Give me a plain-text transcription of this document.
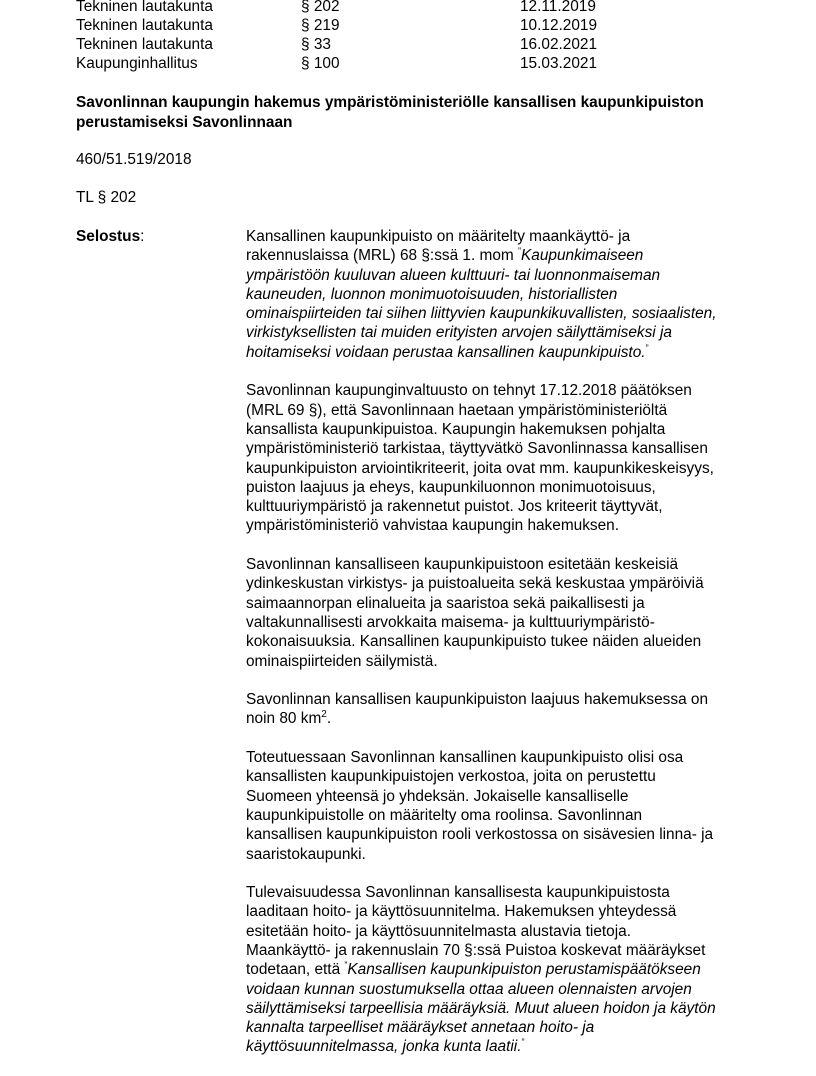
Tekninen lautakunta	§ 202	12.11.2019
Tekninen lautakunta	§ 219	10.12.2019
Tekninen lautakunta	§ 33	16.02.2021
Kaupunginhallitus	§ 100	15.03.2021
Savonlinnan kaupungin hakemus ympäristöministeriölle kansallisen kaupunkipuiston
perustamiseksi Savonlinnaan
460/51.519/2018
TL § 202
Selostus:	Kansallinen kaupunkipuisto on määritelty maankäyttö- ja
rakennuslaissa (MRL) 68 §:ssä 1. mom ”Kaupunkimaiseen
ympäristöön kuuluvan alueen kulttuuri- tai luonnonmaiseman
kauneuden, luonnon monimuotoisuuden, historiallisten
ominaispiirteiden tai siihen liittyvien kaupunkikuvallisten, sosiaalisten,
virkistyksellisten tai muiden erityisten arvojen säilyttämiseksi ja
hoitamiseksi voidaan perustaa kansallinen kaupunkipuisto.”
Savonlinnan kaupunginvaltuusto on tehnyt 17.12.2018 päätöksen
(MRL 69 §), että Savonlinnaan haetaan ympäristöministeriöltä
kansallista kaupunkipuistoa. Kaupungin hakemuksen pohjalta
ympäristöministeriö tarkistaa, täyttyvätkö Savonlinnassa kansallisen
kaupunkipuiston arviointikriteerit, joita ovat mm. kaupunkikeskeisyys,
puiston laajuus ja eheys, kaupunkiluonnon monimuotoisuus,
kulttuuriympäristö ja rakennetut puistot. Jos kriteerit täyttyvät,
ympäristöministeriö vahvistaa kaupungin hakemuksen.
Savonlinnan kansalliseen kaupunkipuistoon esitetään keskeisiä
ydinkeskustan virkistys- ja puistoalueita sekä keskustaa ympäröiviä
saimaannorpan elinalueita ja saaristoa sekä paikallisesti ja
valtakunnallisesti arvokkaita maisema- ja kulttuuriympäristö-
kokonaisuuksia. Kansallinen kaupunkipuisto tukee näiden alueiden
ominaispiirteiden säilymistä.
Savonlinnan kansallisen kaupunkipuiston laajuus hakemuksessa on
noin 80 $km^2$.
Toteutuessaan Savonlinnan kansallinen kaupunkipuisto olisi osa
kansallisten kaupunkipuistojen verkostoa, joita on perustettu
Suomeen yhteensä jo yhdeksän. Jokaiselle kansalliselle
kaupunkipuistolle on määritelty oma roolinsa. Savonlinnan
kansallisen kaupunkipuiston rooli verkostossa on sisävesien linna- ja
saaristokaupunki.
Tulevaisuudessa Savonlinnan kansallisesta kaupunkipuistosta
laaditaan hoito- ja käyttösuunnitelma. Hakemuksen yhteydessä
esitetään hoito- ja käyttösuunnitelmasta alustavia tietoja.
Maankäyttö- ja rakennuslain 70 §:ssä Puistoa koskevat määräykset
todetaan, että ”Kansallisen kaupunkipuiston perustamispäätökseen
voidaan kunnan suostumuksella ottaa alueen olennaisten arvojen
säilyttämiseksi tarpeellisia määräyksiä. Muut alueen hoidon ja käytön
kannalta tarpeelliset määräykset annetaan hoito- ja
käyttösuunnitelmassa, jonka kunta laatii.”
